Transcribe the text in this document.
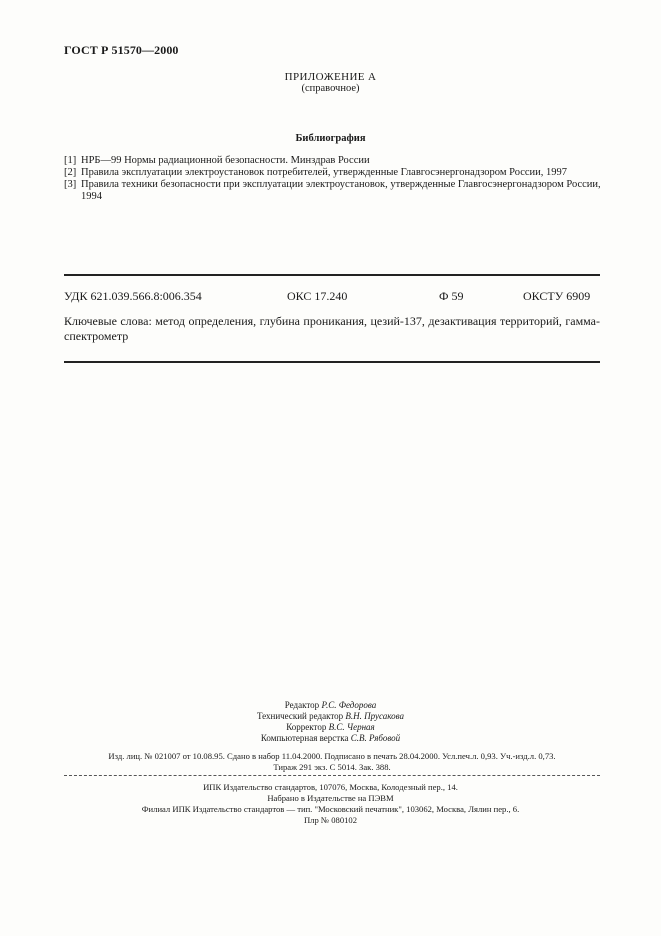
ГОСТ Р 51570—2000
ПРИЛОЖЕНИЕ А
(справочное)
Библиография
[1] НРБ—99 Нормы радиационной безопасности. Минздрав России
[2] Правила эксплуатации электроустановок потребителей, утвержденные Главгосэнергонадзором России, 1997
[3] Правила техники безопасности при эксплуатации электроустановок, утвержденные Главгосэнергонадзором России, 1994
УДК 621.039.566.8:006.354	ОКС 17.240	Ф 59	ОКСТУ 6909
Ключевые слова: метод определения, глубина проникания, цезий-137, дезактивация территорий, гамма-спектрометр
Редактор Р.С. Федорова
Технический редактор В.Н. Прусакова
Корректор В.С. Черная
Компьютерная верстка С.В. Рябовой
Изд. лиц. № 021007 от 10.08.95. Сдано в набор 11.04.2000. Подписано в печать 28.04.2000. Усл.печ.л. 0,93. Уч.-изд.л. 0,73.
Тираж 291 экз. С 5014. Зак. 388.
ИПК Издательство стандартов, 107076, Москва, Колодезный пер., 14.
Набрано в Издательстве на ПЭВМ
Филиал ИПК Издательство стандартов — тип. "Московский печатник", 103062, Москва, Лялин пер., 6.
Плр № 080102
